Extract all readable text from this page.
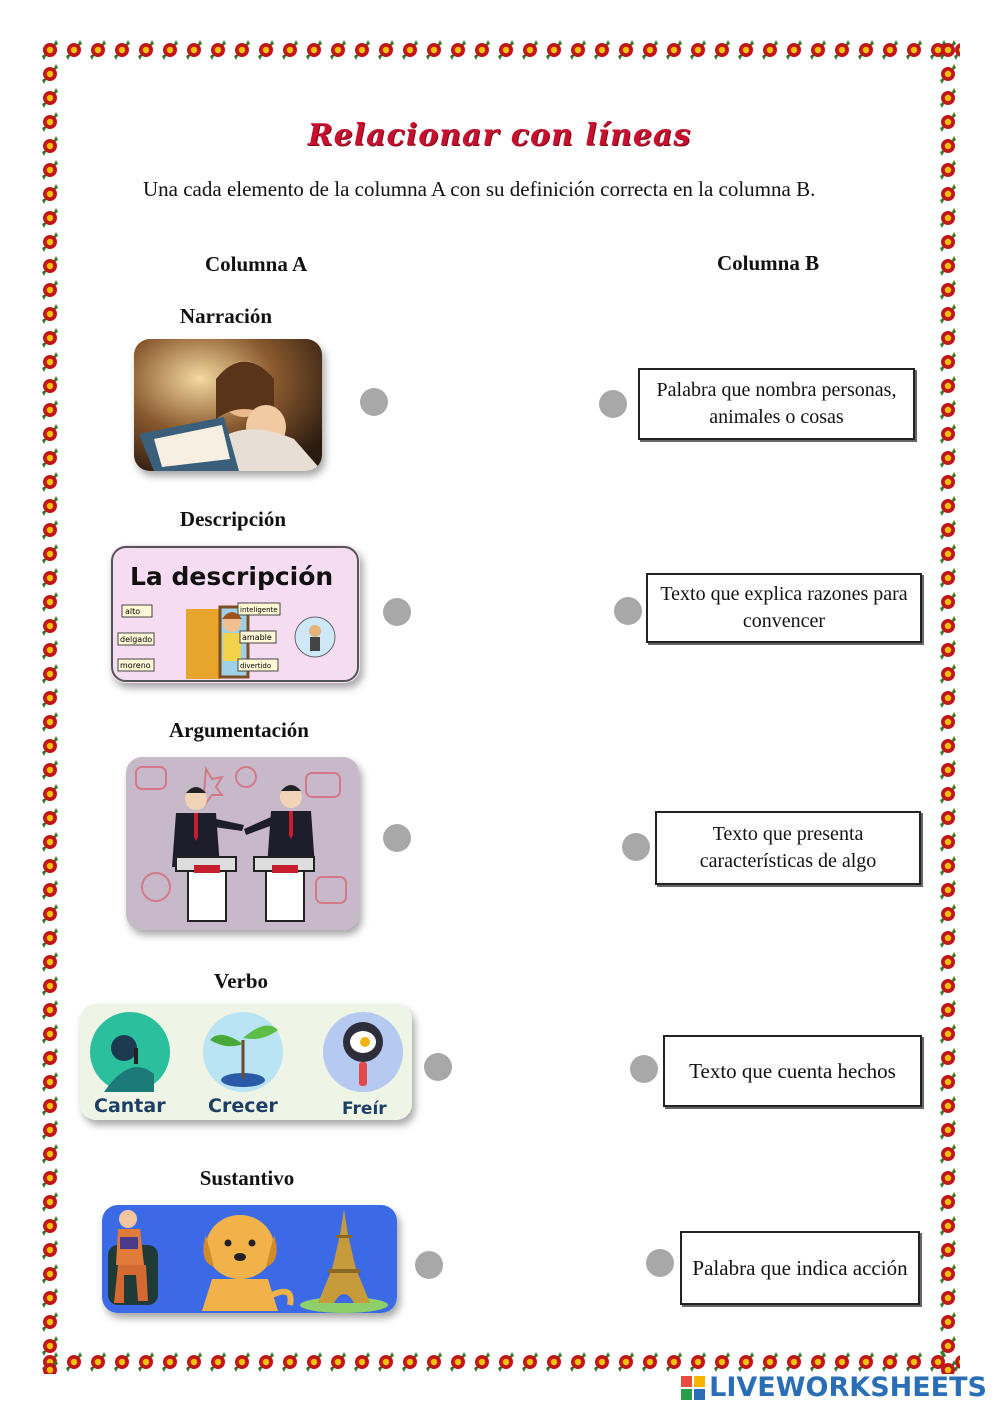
Relacionar con líneas
Una cada elemento de la columna A con su definición correcta en la columna B.
Columna A	Columna B
Narración
Descripción
La descripción
alto
delgado
moreno
inteligente
amable
divertido
Argumentación
Verbo
Cantar Crecer	Freír
Sustantivo
Palabra que nombra personas, animales o cosas
Texto que explica razones para convencer
Texto que presenta características de algo
Texto que cuenta hechos
Palabra que indica acción
LIVEWORKSHEETS
